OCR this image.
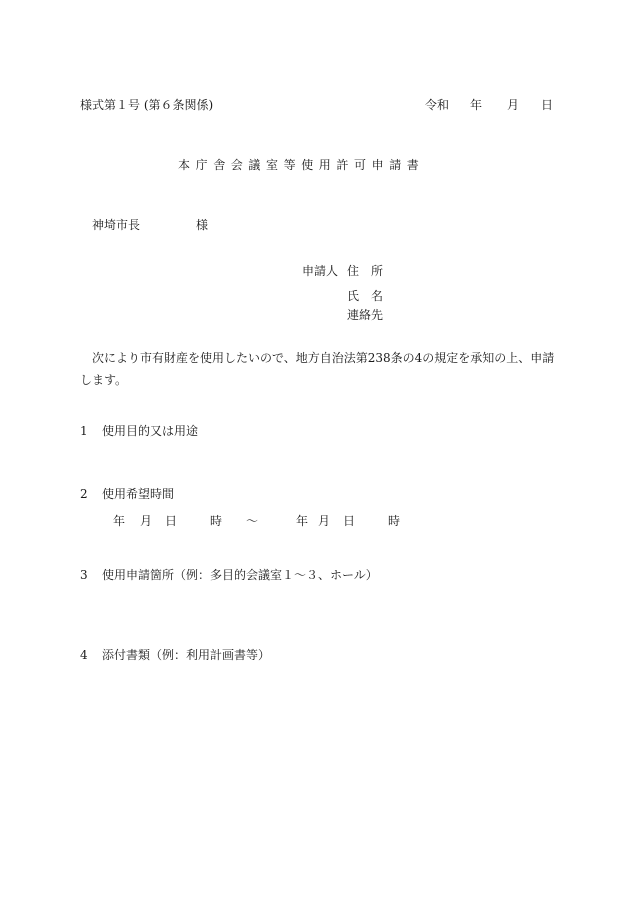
様式第１号 (第６条関係)	令和 年 月 日
本庁舎会議室等使用許可申請書
神埼市長	様
申請人 住　所
氏　名
連絡先
次により市有財産を使用したいので、地方自治法第238条の4の規定を承知の上、申請します。
1 使用目的又は用途
2 使用希望時間
年 月 日	時 ～	年 月 日	時
3 使用申請箇所（例：多目的会議室１～３、ホール）
4 添付書類（例：利用計画書等）
